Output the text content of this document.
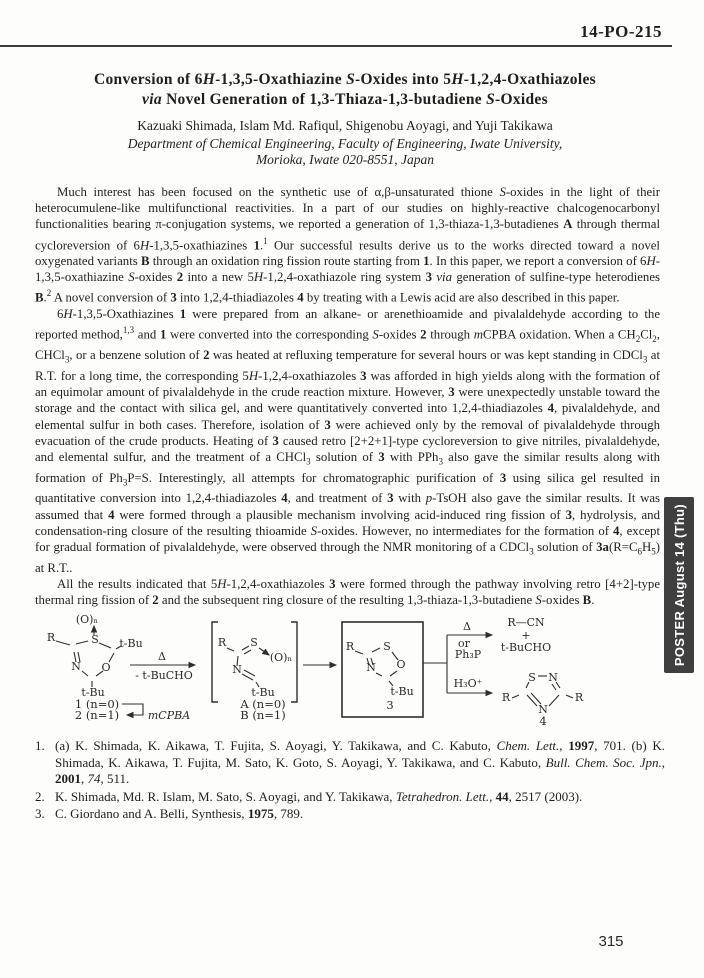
14-PO-215
Conversion of 6H-1,3,5-Oxathiazine S-Oxides into 5H-1,2,4-Oxathiazoles
via Novel Generation of 1,3-Thiaza-1,3-butadiene S-Oxides
Kazuaki Shimada, Islam Md. Rafiqul, Shigenobu Aoyagi, and Yuji Takikawa
Department of Chemical Engineering, Faculty of Engineering, Iwate University,
Morioka, Iwate 020-8551, Japan

Much interest has been focused on the synthetic use of α,β-unsaturated thione S-oxides in the light of their heterocumulene-like multifunctional reactivities. In a part of our studies on highly-reactive chalcogenocarbonyl functionalities bearing π-conjugation systems, we reported a generation of 1,3-thiaza-1,3-butadienes A through thermal cycloreversion of 6H-1,3,5-oxathiazines 1.$^1$ Our successful results derive us to the works directed toward a novel oxygenated variants B through an oxidation ring fission route starting from 1. In this paper, we report a conversion of 6H-1,3,5-oxathiazine S-oxides 2 into a new 5H-1,2,4-oxathiazole ring system 3 via generation of sulfine-type heterodienes B.$^2$ A novel conversion of 3 into 1,2,4-thiadiazoles 4 by treating with a Lewis acid are also described in this paper.

6H-1,3,5-Oxathiazines 1 were prepared from an alkane- or arenethioamide and pivalaldehyde according to the reported method,$^{1,3}$ and 1 were converted into the corresponding S-oxides 2 through mCPBA oxidation. When a $CH_2Cl_2$, CHCl$_3$, or a benzene solution of 2 was heated at refluxing temperature for several hours or was kept standing in CDCl$_3$ at R.T. for a long time, the corresponding 5H-1,2,4-oxathiazoles 3 was afforded in high yields along with the formation of an equimolar amount of pivalaldehyde in the crude reaction mixture. However, 3 were unexpectedly unstable toward the storage and the contact with silica gel, and were quantitatively converted into 1,2,4-thiadiazoles 4, pivalaldehyde, and elemental sulfur in both cases. Therefore, isolation of 3 were achieved only by the removal of pivalaldehyde through evacuation of the crude products. Heating of 3 caused retro [2+2+1]-type cycloreversion to give nitriles, pivalaldehyde, and elemental sulfur, and the treatment of a CHCl$_3$ solution of 3 with PPh$_3$ also gave the similar results along with formation of $Ph_3P=S$. Interestingly, all attempts for chromatographic purification of 3 using silica gel resulted in quantitative conversion into 1,2,4-thiadiazoles 4, and treatment of 3 with p-TsOH also gave the similar results. It was assumed that 4 were formed through a plausible mechanism involving acid-induced ring fission of 3, hydrolysis, and condensation-ring closure of the resulting thioamide S-oxides. However, no intermediates for the formation of 4, except for gradual formation of pivalaldehyde, were observed through the NMR monitoring of a CDCl$_3$ solution of $3a(R=C_6H_5)$ at R.T..

All the results indicated that 5H-1,2,4-oxathiazoles 3 were formed through the pathway involving retro [4+2]-type thermal ring fission of 2 and the subsequent ring closure of the resulting 1,3-thiaza-1,3-butadiene S-oxides B.

(O)ₙ
S
R	t-Bu
O
N
t-Bu
1 (n=0)
2 (n=1)	mCPBA
Δ
- t-BuCHO
R S
(O)ₙ
N
t-Bu
A (n=0)
B (n=1)
R	S
O
N
t-Bu
3
Δ
or
Ph₃P
R—CN
+
t-BuCHO
H₃O⁺	S N
N
R	R
4
1. (a) K. Shimada, K. Aikawa, T. Fujita, S. Aoyagi, Y. Takikawa, and C. Kabuto, Chem. Lett., 1997, 701. (b) K. Shimada, K. Aikawa, T. Fujita, M. Sato, K. Goto, S. Aoyagi, Y. Takikawa, and C. Kabuto, Bull. Chem. Soc. Jpn., 2001, 74, 511.
2. K. Shimada, Md. R. Islam, M. Sato, S. Aoyagi, and Y. Takikawa, Tetrahedron. Lett., 44, 2517 (2003).
3. C. Giordano and A. Belli, Synthesis, 1975, 789.
POSTER August 14 (Thu)
315
